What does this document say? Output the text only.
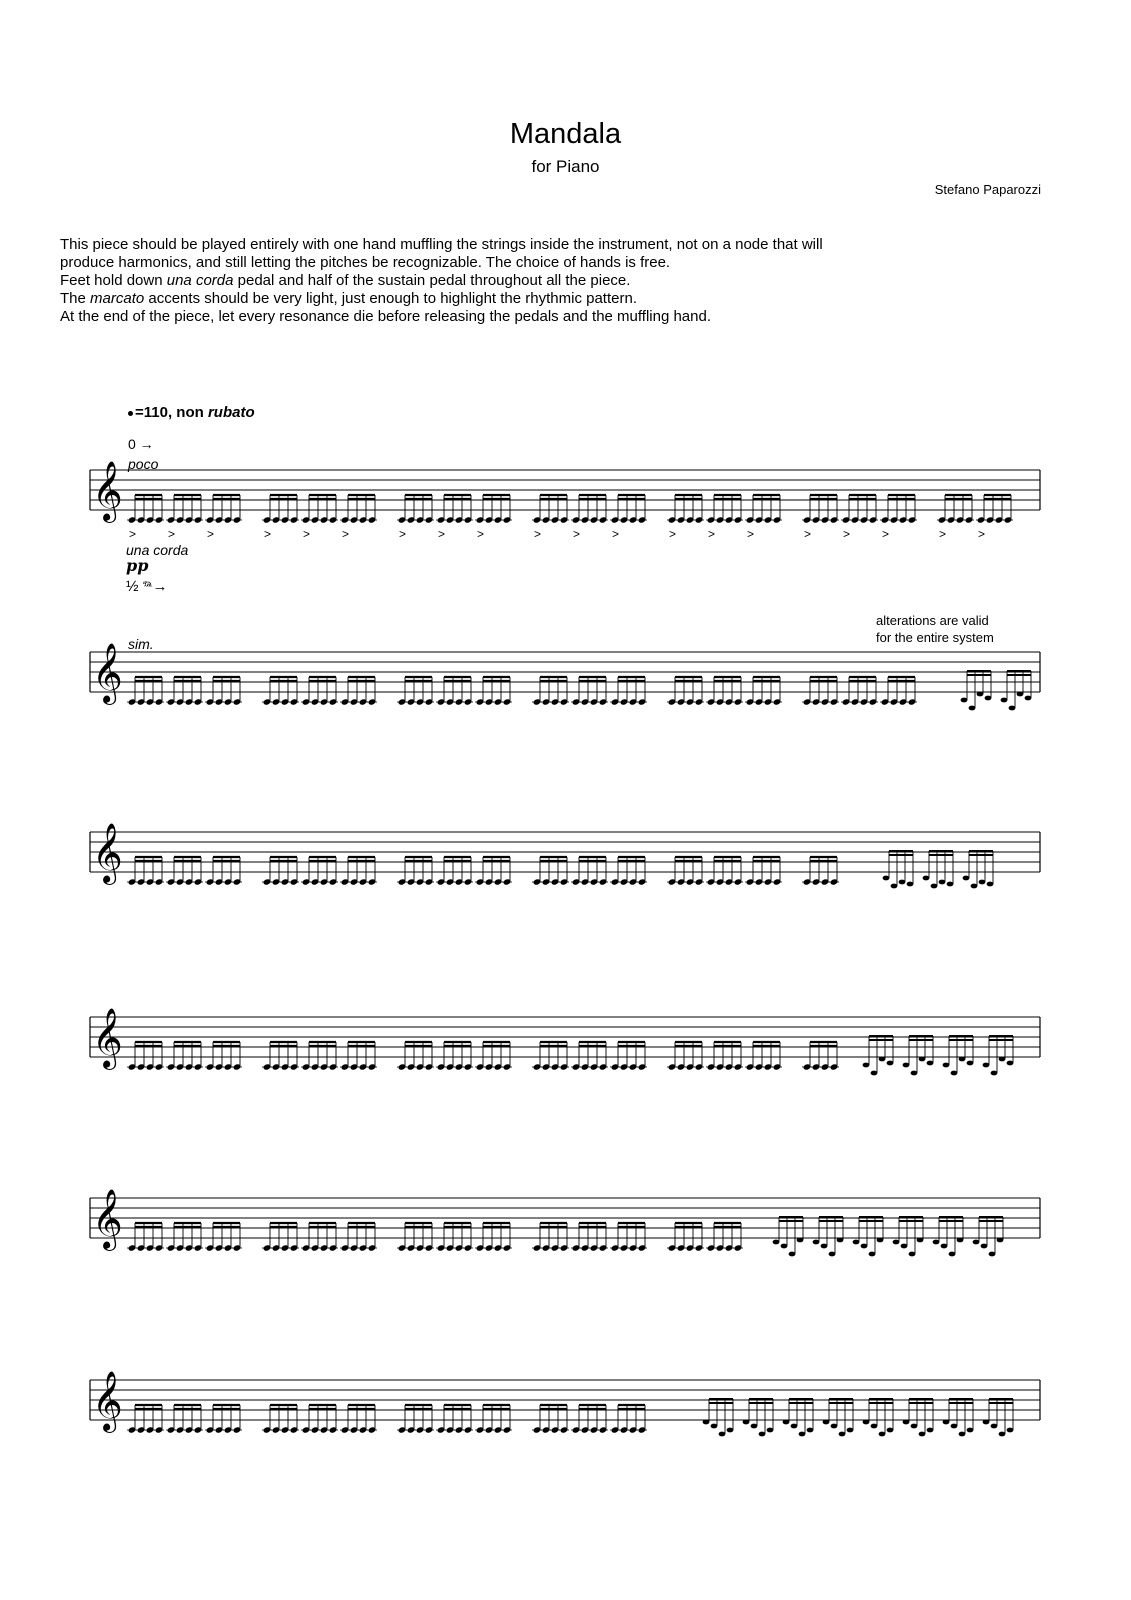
Mandala
for Piano
Stefano Paparozzi
This piece should be played entirely with one hand muffling the strings inside the instrument, not on a node that will
produce harmonics, and still letting the pitches be recognizable. The choice of hands is free.
Feet hold down una corda pedal and half of the sustain pedal throughout all the piece.
The marcato accents should be very light, just enough to highlight the rhythmic pattern.
At the end of the piece, let every resonance die before releasing the pedals and the muffling hand.
=110, non rubato
0 →
poco
una corda
pp
½ 𝆮→
sim.
alterations are valid
for the entire system
𝄞
>	>	>	>	>	>	>	>	>	>	>	>	>	>	>	>	>	>	>	>
𝄞
𝄞
𝄞
𝄞
𝄞
